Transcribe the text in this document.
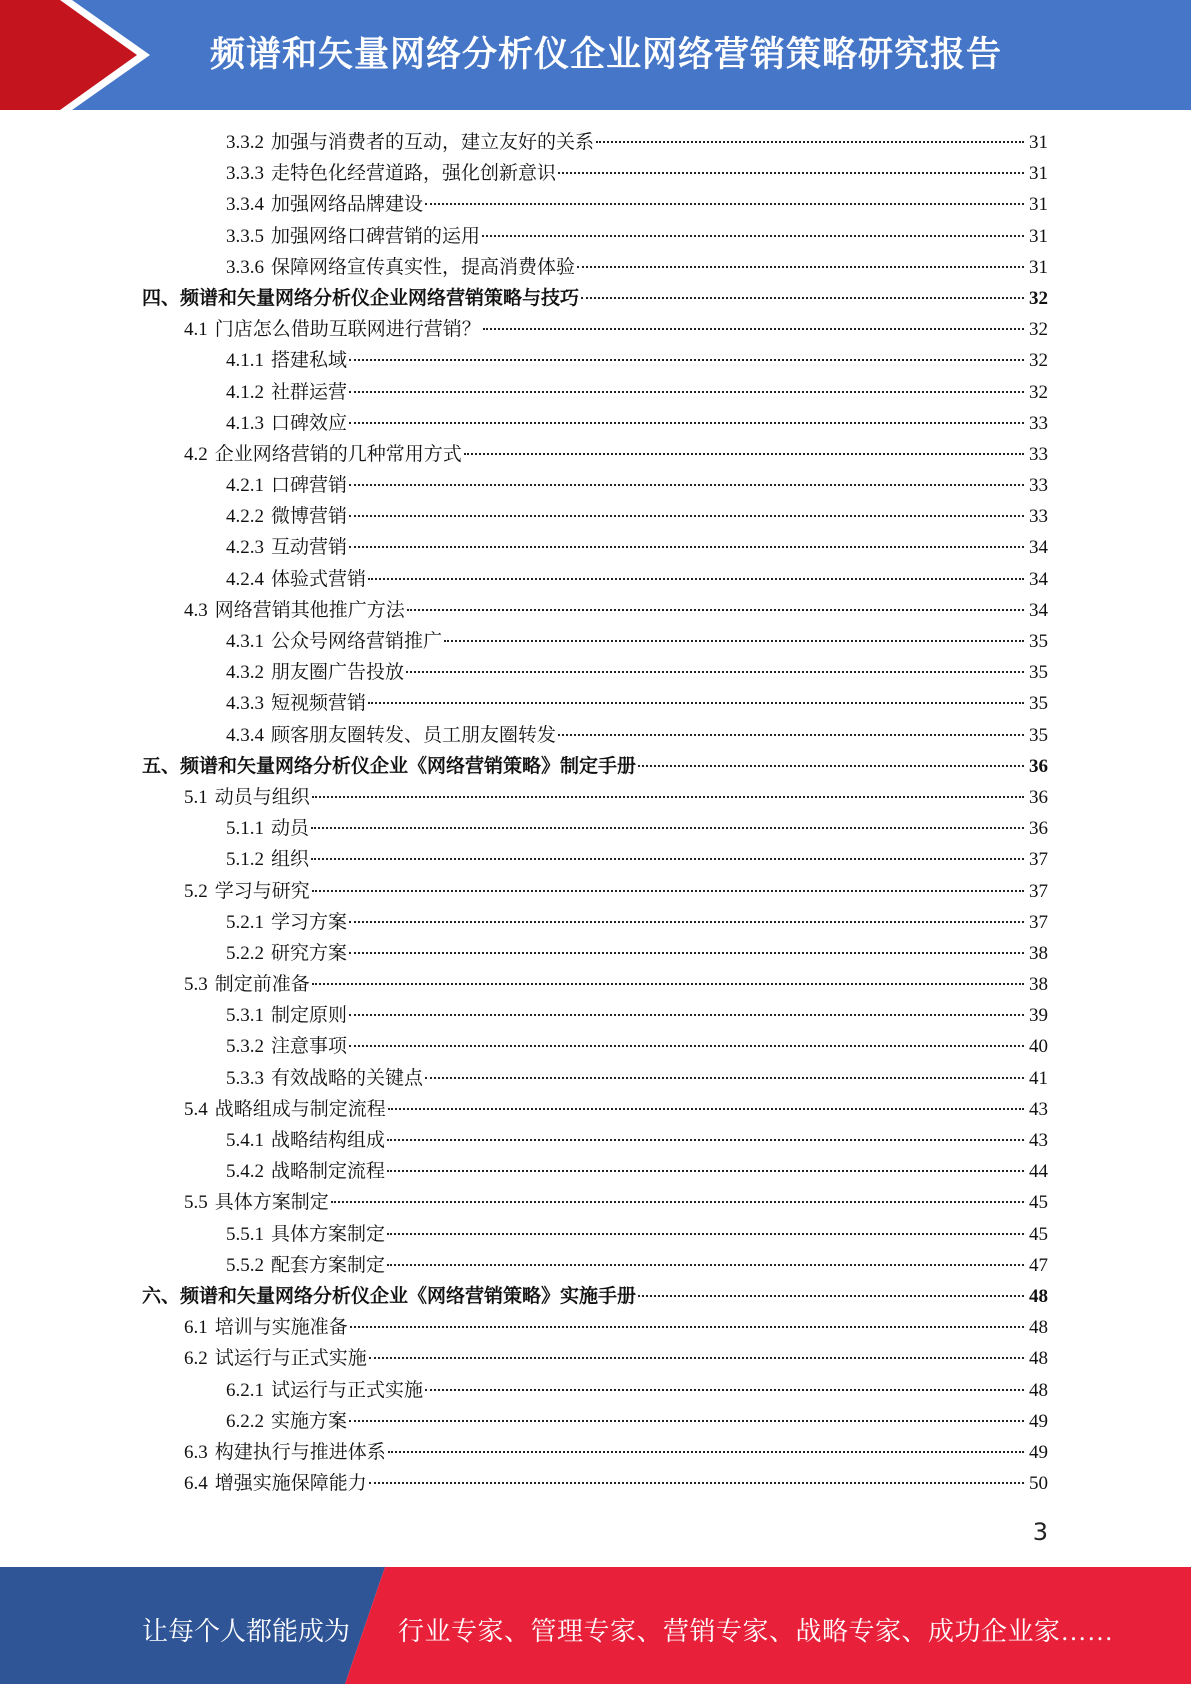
频谱和矢量网络分析仪企业网络营销策略研究报告
3.3.2 加强与消费者的互动，建立友好的关系	31
3.3.3 走特色化经营道路，强化创新意识	31
3.3.4 加强网络品牌建设	31
3.3.5 加强网络口碑营销的运用	31
3.3.6 保障网络宣传真实性，提高消费体验	31
四、频谱和矢量网络分析仪企业网络营销策略与技巧	32
4.1 门店怎么借助互联网进行营销？	32
4.1.1 搭建私域	32
4.1.2 社群运营	32
4.1.3 口碑效应	33
4.2 企业网络营销的几种常用方式	33
4.2.1 口碑营销	33
4.2.2 微博营销	33
4.2.3 互动营销	34
4.2.4 体验式营销	34
4.3 网络营销其他推广方法	34
4.3.1 公众号网络营销推广	35
4.3.2 朋友圈广告投放	35
4.3.3 短视频营销	35
4.3.4 顾客朋友圈转发、员工朋友圈转发	35
五、频谱和矢量网络分析仪企业《网络营销策略》制定手册	36
5.1 动员与组织	36
5.1.1 动员	36
5.1.2 组织	37
5.2 学习与研究	37
5.2.1 学习方案	37
5.2.2 研究方案	38
5.3 制定前准备	38
5.3.1 制定原则	39
5.3.2 注意事项	40
5.3.3 有效战略的关键点	41
5.4 战略组成与制定流程	43
5.4.1 战略结构组成	43
5.4.2 战略制定流程	44
5.5 具体方案制定	45
5.5.1 具体方案制定	45
5.5.2 配套方案制定	47
六、频谱和矢量网络分析仪企业《网络营销策略》实施手册	48
6.1 培训与实施准备	48
6.2 试运行与正式实施	48
6.2.1 试运行与正式实施	48
6.2.2 实施方案	49
6.3 构建执行与推进体系	49
6.4 增强实施保障能力	50
3
让每个人都能成为 行业专家、管理专家、营销专家、战略专家、成功企业家……
